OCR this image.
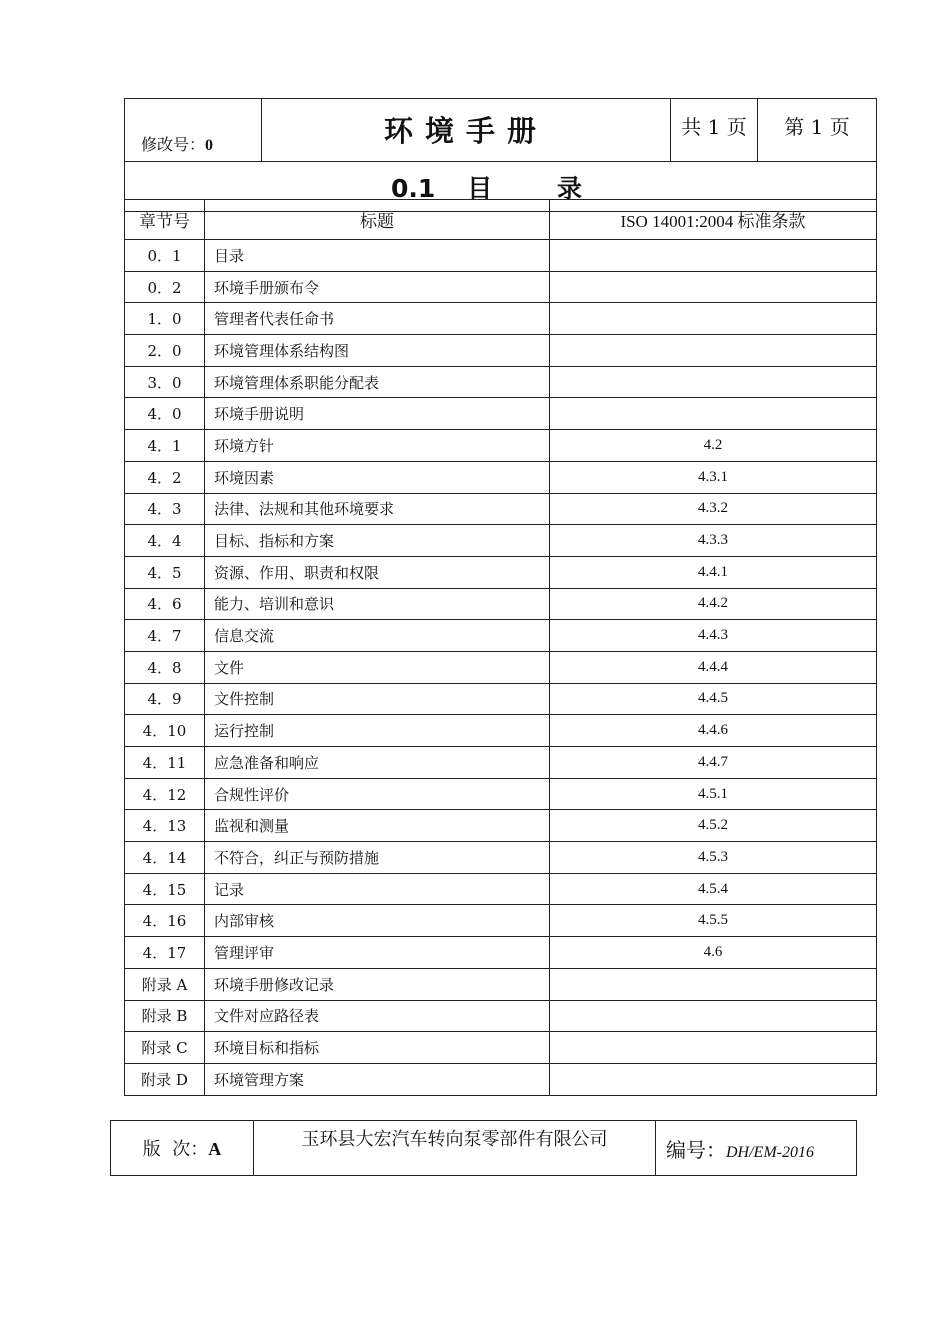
修改号：0	环境手册	共 1 页	第 1 页
0.1 目 录
章节号	标题	ISO 14001:2004 标准条款
0．1	目录	
0．2	环境手册颁布令	
1．0	管理者代表任命书	
2．0	环境管理体系结构图	
3．0	环境管理体系职能分配表	
4．0	环境手册说明	
4．1	环境方针	4.2
4．2	环境因素	4.3.1
4．3	法律、法规和其他环境要求	4.3.2
4．4	目标、指标和方案	4.3.3
4．5	资源、作用、职责和权限	4.4.1
4．6	能力、培训和意识	4.4.2
4．7	信息交流	4.4.3
4．8	文件	4.4.4
4．9	文件控制	4.4.5
4．10	运行控制	4.4.6
4．11	应急准备和响应	4.4.7
4．12	合规性评价	4.5.1
4．13	监视和测量	4.5.2
4．14	不符合，纠正与预防措施	4.5.3
4．15	记录	4.5.4
4．16	内部审核	4.5.5
4．17	管理评审	4.6
附录 A	环境手册修改记录	
附录 B	文件对应路径表	
附录 C	环境目标和指标	
附录 D	环境管理方案	
版  次：A	玉环县大宏汽车转向泵零部件有限公司	编号：DH/EM-2016
